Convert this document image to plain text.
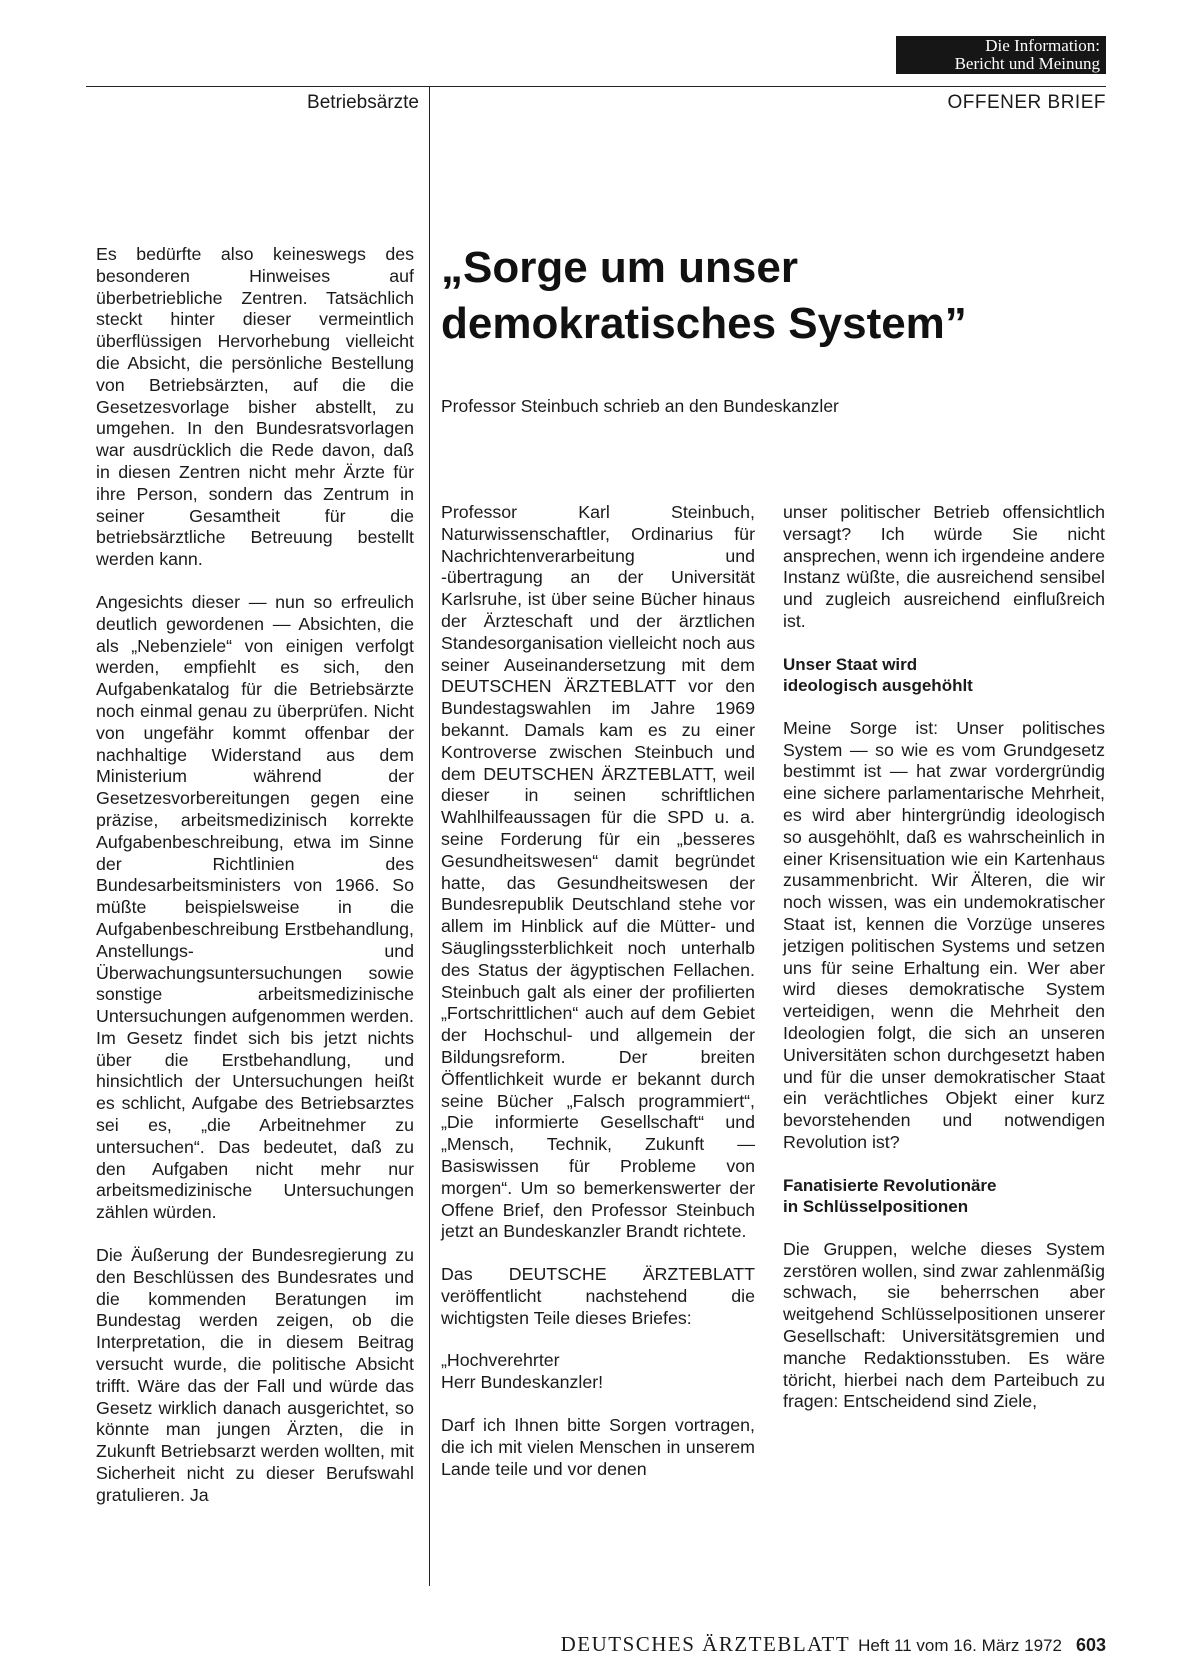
Die Information:
Bericht und Meinung
Betriebsärzte	OFFENER BRIEF
„Sorge um unser
demokratisches System”
Professor Steinbuch schrieb an den Bundeskanzler

Es bedürfte also keineswegs des besonderen Hinweises auf überbetriebliche Zentren. Tatsächlich steckt hinter dieser vermeintlich überflüssigen Hervorhebung vielleicht die Absicht, die persönliche Bestellung von Betriebsärzten, auf die die Gesetzesvorlage bisher abstellt, zu umgehen. In den Bundesratsvorlagen war ausdrücklich die Rede davon, daß in diesen Zentren nicht mehr Ärzte für ihre Person, sondern das Zentrum in seiner Gesamtheit für die betriebsärztliche Betreuung bestellt werden kann.

Angesichts dieser — nun so erfreulich deutlich gewordenen — Absichten, die als „Nebenziele“ von einigen verfolgt werden, empfiehlt es sich, den Aufgabenkatalog für die Betriebsärzte noch einmal genau zu überprüfen. Nicht von ungefähr kommt offenbar der nachhaltige Widerstand aus dem Ministerium während der Gesetzesvorbereitungen gegen eine präzise, arbeitsmedizinisch korrekte Aufgabenbeschreibung, etwa im Sinne der Richtlinien des Bundesarbeitsministers von 1966. So müßte beispielsweise in die Aufgabenbeschreibung Erstbehandlung, Anstellungs- und Überwachungsuntersuchungen sowie sonstige arbeitsmedizinische Untersuchungen aufgenommen werden. Im Gesetz findet sich bis jetzt nichts über die Erstbehandlung, und hinsichtlich der Untersuchungen heißt es schlicht, Aufgabe des Betriebsarztes sei es, „die Arbeitnehmer zu untersuchen“. Das bedeutet, daß zu den Aufgaben nicht mehr nur arbeitsmedizinische Untersuchungen zählen würden.

Die Äußerung der Bundesregierung zu den Beschlüssen des Bundesrates und die kommenden Beratungen im Bundestag werden zeigen, ob die Interpretation, die in diesem Beitrag versucht wurde, die politische Absicht trifft. Wäre das der Fall und würde das Gesetz wirklich danach ausgerichtet, so könnte man jungen Ärzten, die in Zukunft Betriebsarzt werden wollten, mit Sicherheit nicht zu dieser Berufswahl gratulieren. Ja

Professor Karl Steinbuch, Naturwissenschaftler, Ordinarius für Nachrichtenverarbeitung und -übertragung an der Universität Karlsruhe, ist über seine Bücher hinaus der Ärzteschaft und der ärztlichen Standesorganisation vielleicht noch aus seiner Auseinandersetzung mit dem DEUTSCHEN ÄRZTEBLATT vor den Bundestagswahlen im Jahre 1969 bekannt. Damals kam es zu einer Kontroverse zwischen Steinbuch und dem DEUTSCHEN ÄRZTEBLATT, weil dieser in seinen schriftlichen Wahlhilfeaussagen für die SPD u. a. seine Forderung für ein „besseres Gesundheitswesen“ damit begründet hatte, das Gesundheitswesen der Bundesrepublik Deutschland stehe vor allem im Hinblick auf die Mütter- und Säuglingssterblichkeit noch unterhalb des Status der ägyptischen Fellachen. Steinbuch galt als einer der profilierten „Fortschrittlichen“ auch auf dem Gebiet der Hochschul- und allgemein der Bildungsreform. Der breiten Öffentlichkeit wurde er bekannt durch seine Bücher „Falsch programmiert“, „Die informierte Gesellschaft“ und „Mensch, Technik, Zukunft — Basiswissen für Probleme von morgen“. Um so bemerkenswerter der Offene Brief, den Professor Steinbuch jetzt an Bundeskanzler Brandt richtete.

Das DEUTSCHE ÄRZTEBLATT veröffentlicht nachstehend die wichtigsten Teile dieses Briefes:

„Hochverehrter
Herr Bundeskanzler!

Darf ich Ihnen bitte Sorgen vortragen, die ich mit vielen Menschen in unserem Lande teile und vor denen

unser politischer Betrieb offensichtlich versagt? Ich würde Sie nicht ansprechen, wenn ich irgendeine andere Instanz wüßte, die ausreichend sensibel und zugleich ausreichend einflußreich ist.

Unser Staat wird
ideologisch ausgehöhlt

Meine Sorge ist: Unser politisches System — so wie es vom Grundgesetz bestimmt ist — hat zwar vordergründig eine sichere parlamentarische Mehrheit, es wird aber hintergründig ideologisch so ausgehöhlt, daß es wahrscheinlich in einer Krisensituation wie ein Kartenhaus zusammenbricht. Wir Älteren, die wir noch wissen, was ein undemokratischer Staat ist, kennen die Vorzüge unseres jetzigen politischen Systems und setzen uns für seine Erhaltung ein. Wer aber wird dieses demokratische System verteidigen, wenn die Mehrheit den Ideologien folgt, die sich an unseren Universitäten schon durchgesetzt haben und für die unser demokratischer Staat ein verächtliches Objekt einer kurz bevorstehenden und notwendigen Revolution ist?

Fanatisierte Revolutionäre
in Schlüsselpositionen

Die Gruppen, welche dieses System zerstören wollen, sind zwar zahlenmäßig schwach, sie beherrschen aber weitgehend Schlüsselpositionen unserer Gesellschaft: Universitätsgremien und manche Redaktionsstuben. Es wäre töricht, hierbei nach dem Parteibuch zu fragen: Entscheidend sind Ziele,

DEUTSCHES ÄRZTEBLATT Heft 11 vom 16. März 1972 603
